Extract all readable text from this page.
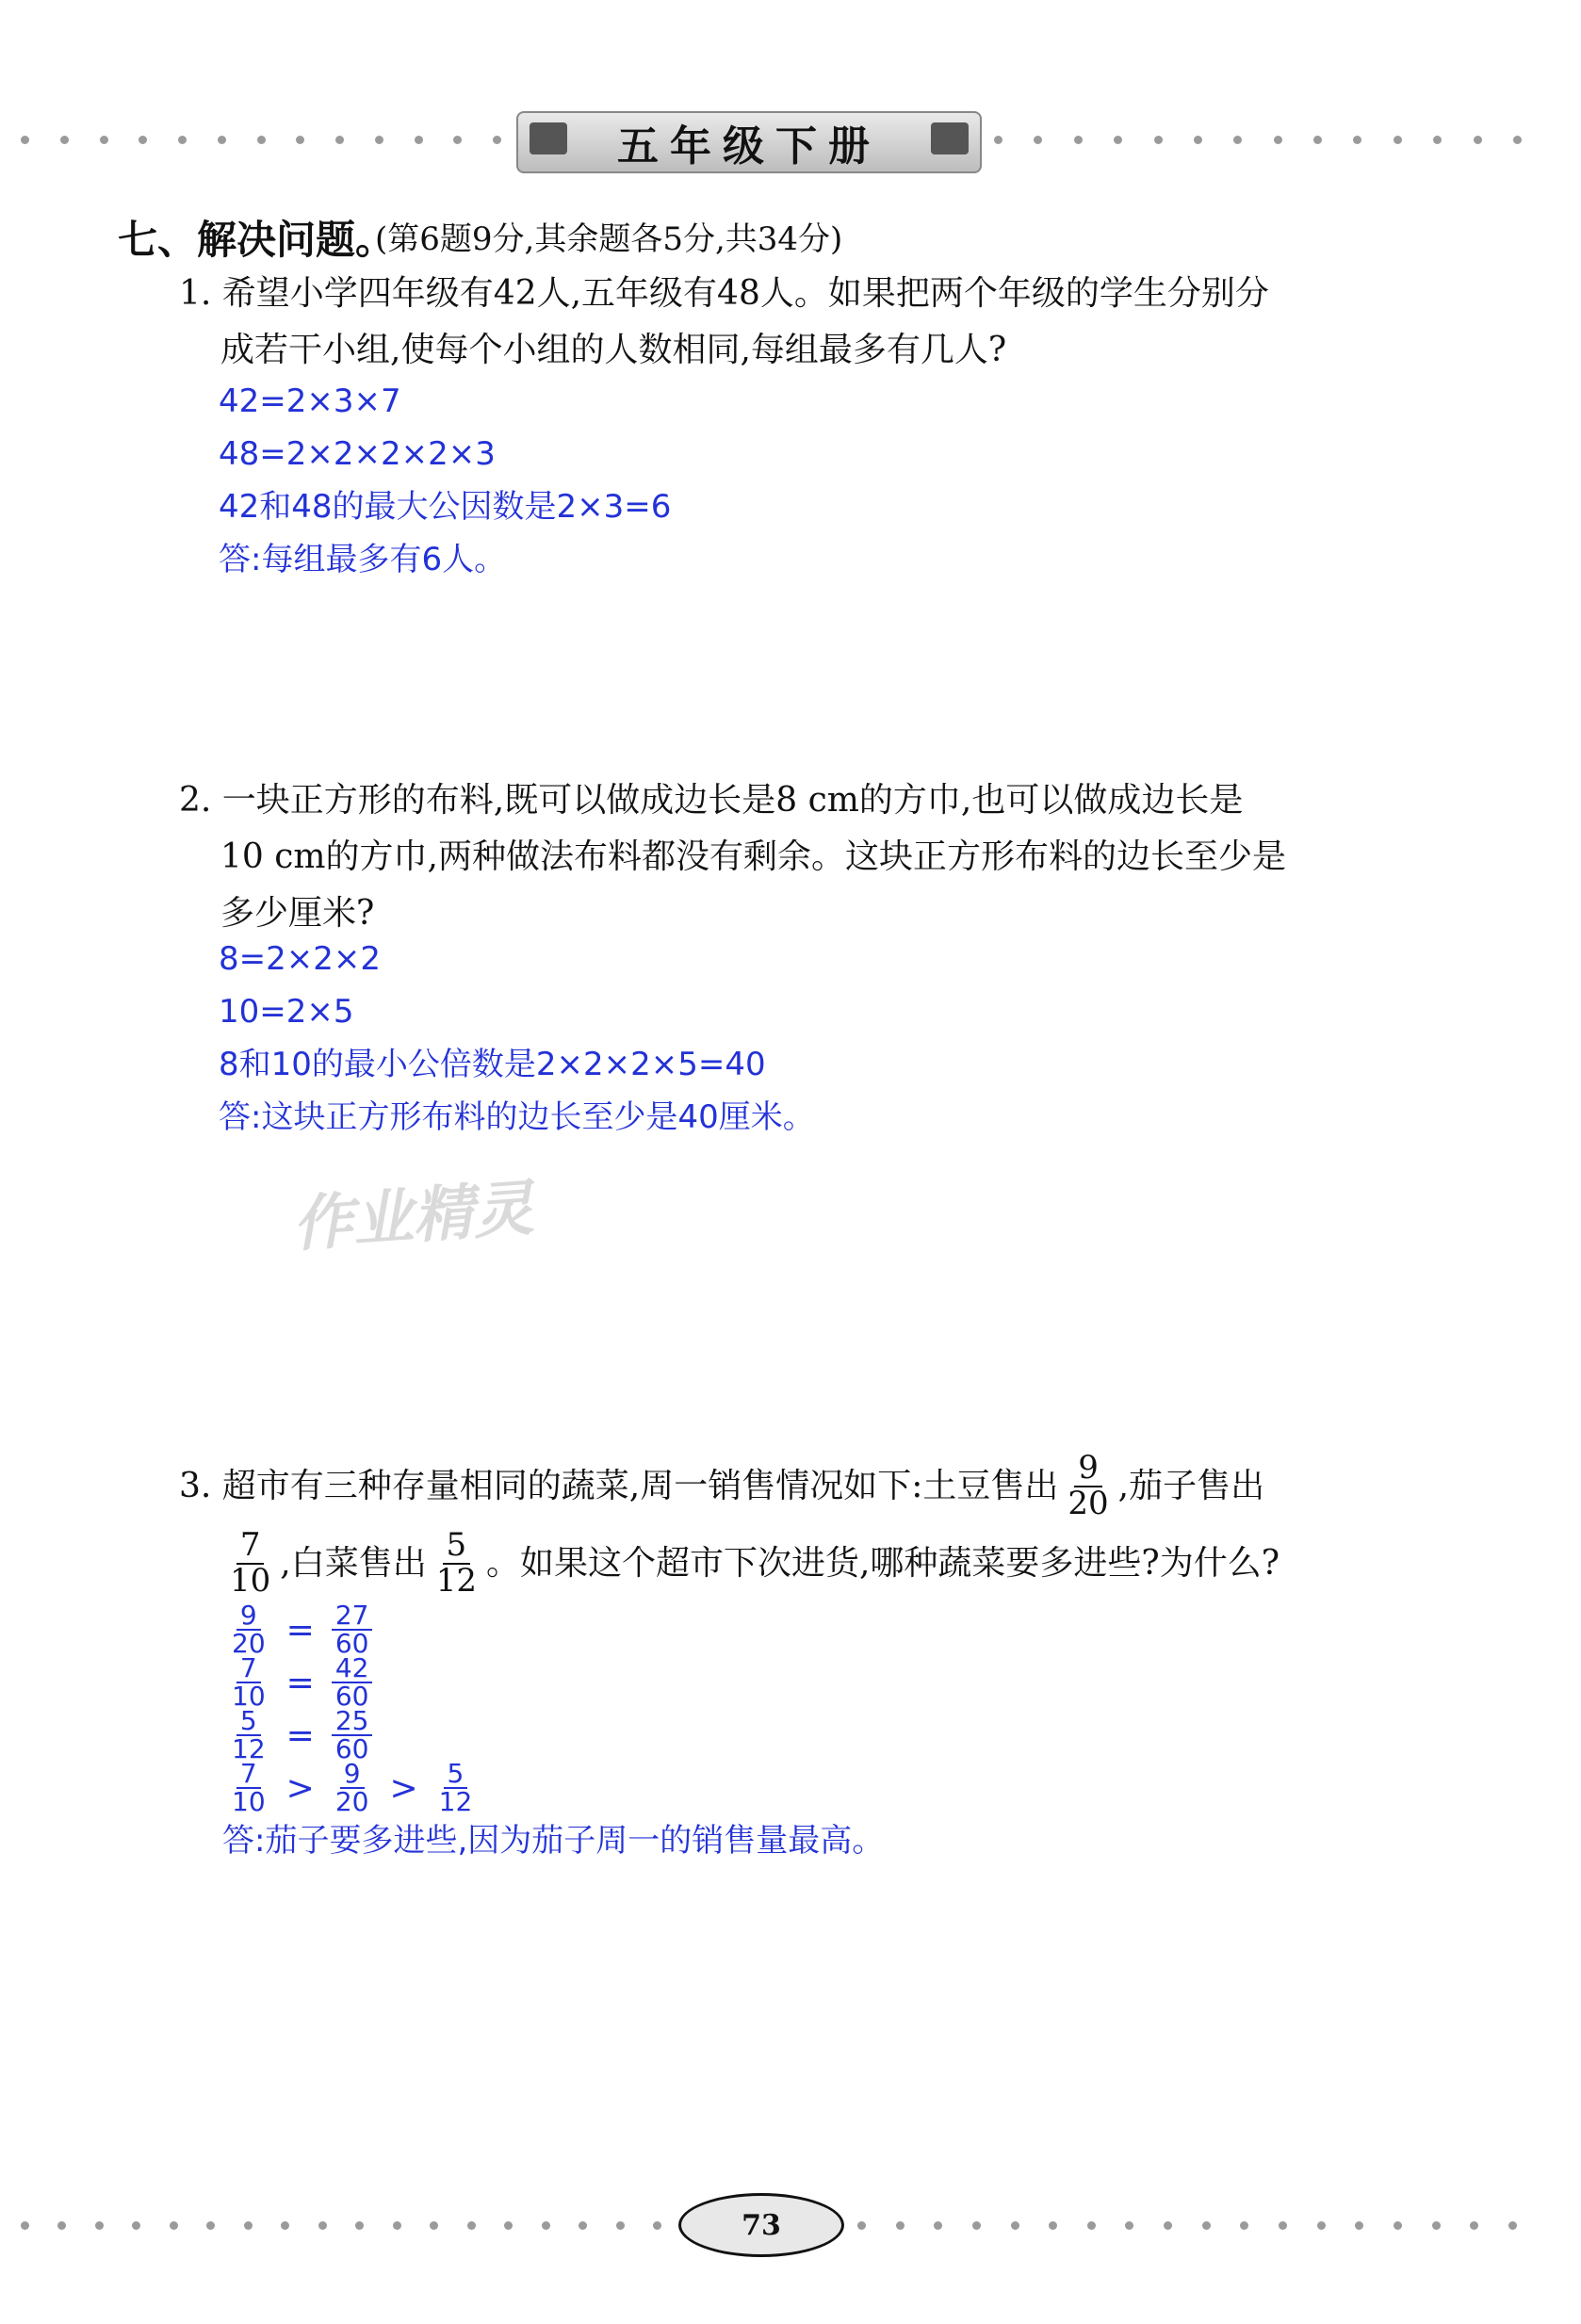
五年级下册
七、解决问题。
(第6题9分,其余题各5分,共34分)
1. 希望小学四年级有42人,五年级有48人。如果把两个年级的学生分别分
成若干小组,使每个小组的人数相同,每组最多有几人?
42=2×3×7
48=2×2×2×2×3
42和48的最大公因数是2×3=6
答:每组最多有6人。
2. 一块正方形的布料,既可以做成边长是8 cm的方巾,也可以做成边长是
10 cm的方巾,两种做法布料都没有剩余。这块正方形布料的边长至少是
多少厘米?
8=2×2×2
10=2×5
8和10的最小公倍数是2×2×2×5=40
答:这块正方形布料的边长至少是40厘米。
作业精灵
3. 超市有三种存量相同的蔬菜,周一销售情况如下:土豆售出 $\frac{9}{20}$ ,茄子售出
$\frac{7}{10}$ ,白菜售出 $\frac{5}{12}$ 。如果这个超市下次进货,哪种蔬菜要多进些?为什么?
$\frac{9}{20} = \frac{27}{60}$
$\frac{7}{10} = \frac{42}{60}$
$\frac{5}{12} = \frac{25}{60}$
$\frac{7}{10} > \frac{9}{20} > \frac{5}{12}$
答:茄子要多进些,因为茄子周一的销售量最高。
73
